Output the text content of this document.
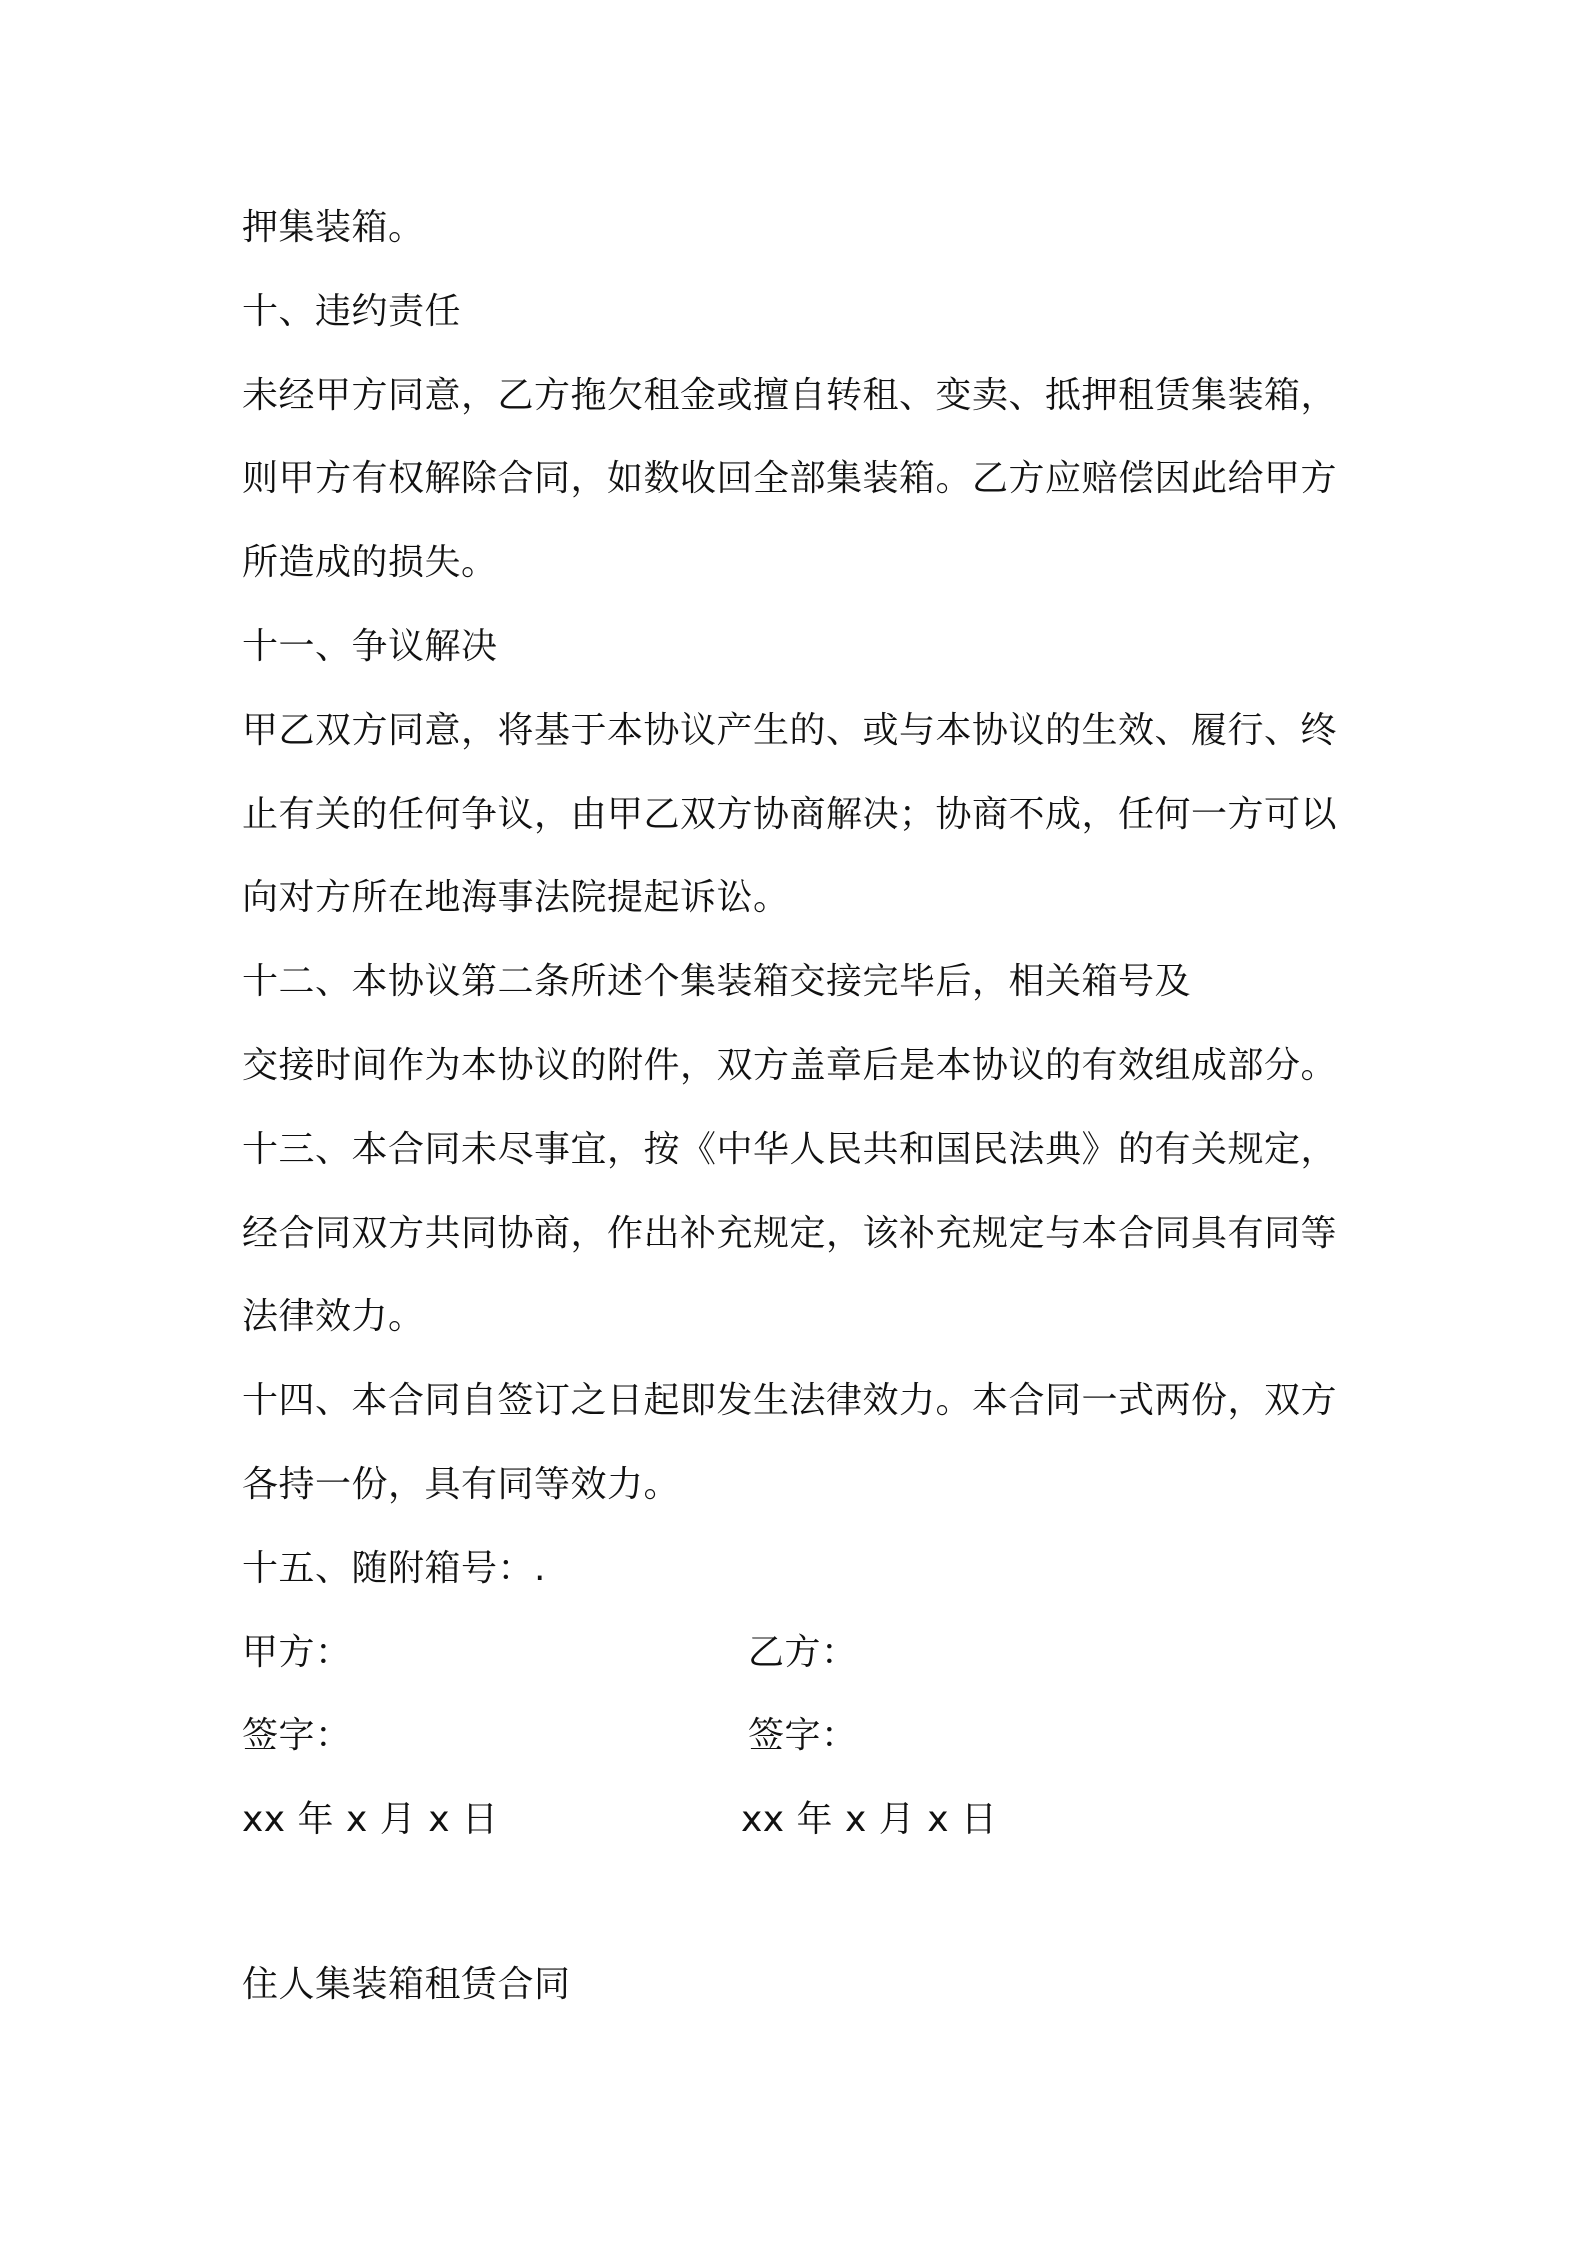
押集装箱。
十、违约责任
未经甲方同意，乙方拖欠租金或擅自转租、变卖、抵押租赁集装箱，
则甲方有权解除合同，如数收回全部集装箱。乙方应赔偿因此给甲方
所造成的损失。
十一、争议解决
甲乙双方同意，将基于本协议产生的、或与本协议的生效、履行、终
止有关的任何争议，由甲乙双方协商解决；协商不成，任何一方可以
向对方所在地海事法院提起诉讼。
十二、本协议第二条所述个集装箱交接完毕后，相关箱号及
交接时间作为本协议的附件，双方盖章后是本协议的有效组成部分。
十三、本合同未尽事宜，按《中华人民共和国民法典》的有关规定，
经合同双方共同协商，作出补充规定，该补充规定与本合同具有同等
法律效力。
十四、本合同自签订之日起即发生法律效力。本合同一式两份，双方
各持一份，具有同等效力。
十五、随附箱号：.
甲方：	乙方：
签字：	签字：
xx 年 x 月 x 日	xx 年 x 月 x 日
住人集装箱租赁合同
